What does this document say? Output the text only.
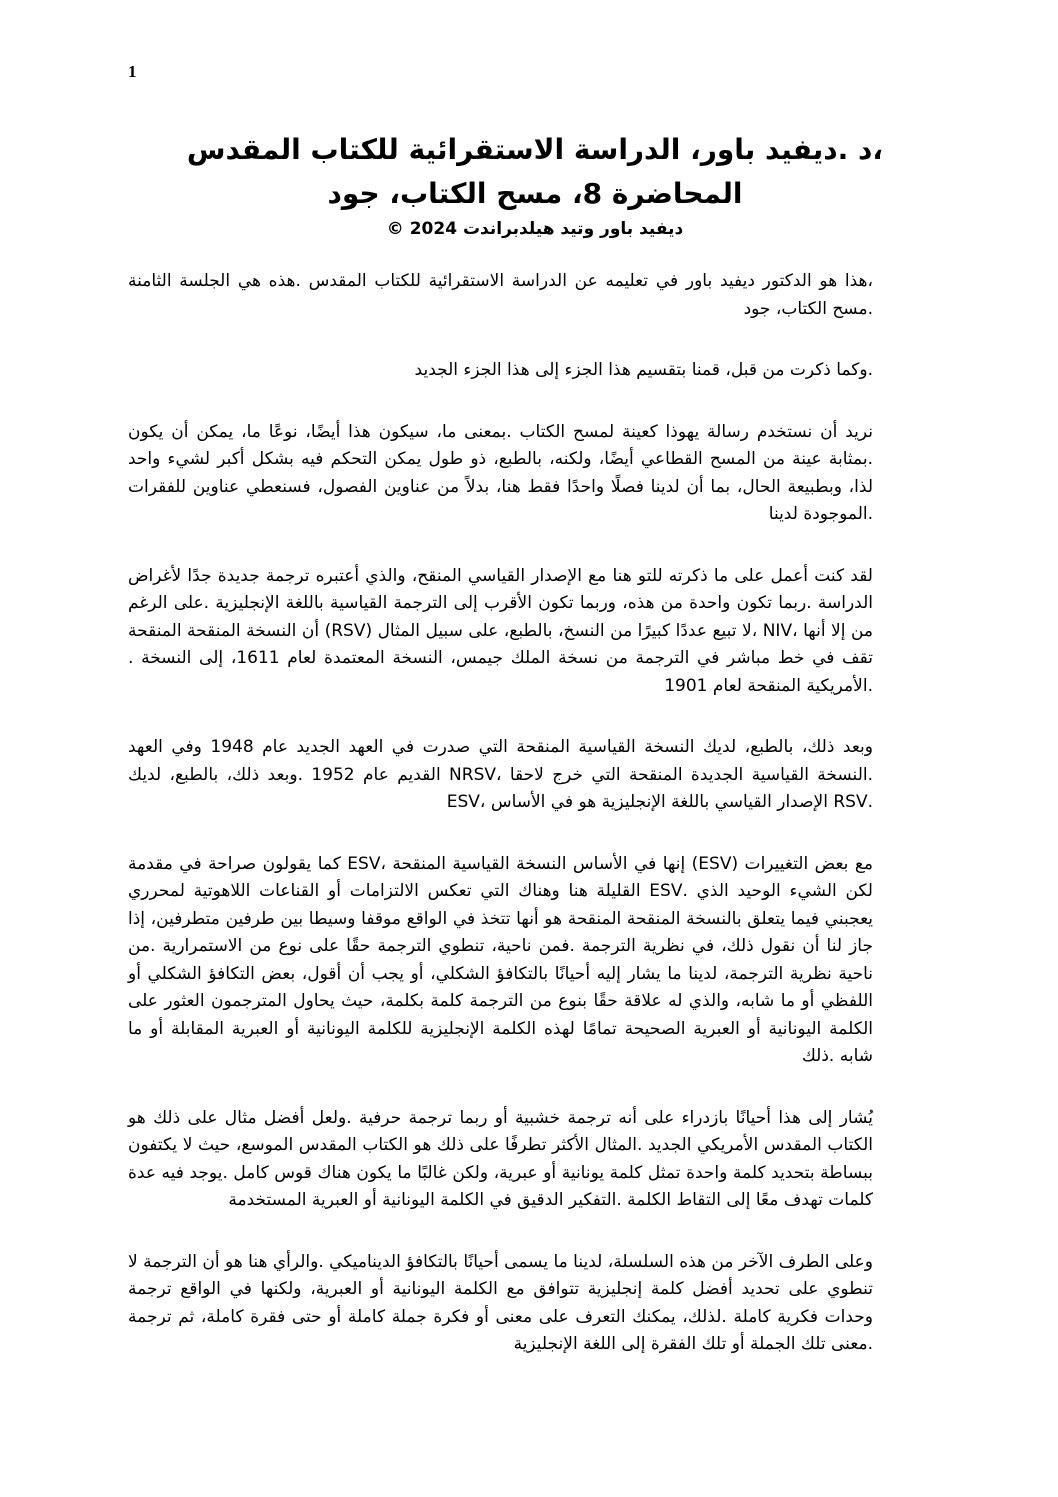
1
،د .ديفيد باور، الدراسة الاستقرائية للكتاب المقدس
المحاضرة 8، مسح الكتاب، جود
ديفيد باور وتيد هيلدبراندت 2024 ©

،هذا هو الدكتور ديفيد باور في تعليمه عن الدراسة الاستقرائية للكتاب المقدس .هذه هي الجلسة الثامنة .مسح الكتاب، جود

.وكما ذكرت من قبل، قمنا بتقسيم هذا الجزء إلى هذا الجزء الجديد

نريد أن نستخدم رسالة يهوذا كعينة لمسح الكتاب .بمعنى ما، سيكون هذا أيضًا، نوعًا ما، يمكن أن يكون .بمثابة عينة من المسح القطاعي أيضًا، ولكنه، بالطبع، ذو طول يمكن التحكم فيه بشكل أكبر لشيء واحد لذا، وبطبيعة الحال، بما أن لدينا فصلًا واحدًا فقط هنا، بدلاً من عناوين الفصول، فسنعطي عناوين للفقرات .الموجودة لدينا

لقد كنت أعمل على ما ذكرته للتو هنا مع الإصدار القياسي المنقح، والذي أعتبره ترجمة جديدة جدًا لأغراض الدراسة .ربما تكون واحدة من هذه، وربما تكون الأقرب إلى الترجمة القياسية باللغة الإنجليزية .على الرغم من إلا أنها ،NIV ،لا تبيع عددًا كبيرًا من النسخ، بالطبع، على سبيل المثال (RSV) أن النسخة المنقحة المنقحة تقف في خط مباشر في الترجمة من نسخة الملك جيمس، النسخة المعتمدة لعام 1611، إلى النسخة . .الأمريكية المنقحة لعام 1901

وبعد ذلك، بالطبع، لديك النسخة القياسية المنقحة التي صدرت في العهد الجديد عام 1948 وفي العهد .النسخة القياسية الجديدة المنقحة التي خرج لاحقا ،NRSV القديم عام 1952 .وبعد ذلك، بالطبع، لديك .RSV الإصدار القياسي باللغة الإنجليزية هو في الأساس ،ESV

مع بعض التغييرات (ESV) إنها في الأساس النسخة القياسية المنقحة ،ESV كما يقولون صراحة في مقدمة لكن الشيء الوحيد الذي .ESV القليلة هنا وهناك التي تعكس الالتزامات أو القناعات اللاهوتية لمحرري يعجبني فيما يتعلق بالنسخة المنقحة المنقحة هو أنها تتخذ في الواقع موقفا وسيطا بين طرفين متطرفين، إذا جاز لنا أن نقول ذلك، في نظرية الترجمة .فمن ناحية، تنطوي الترجمة حقًا على نوع من الاستمرارية .من ناحية نظرية الترجمة، لدينا ما يشار إليه أحيانًا بالتكافؤ الشكلي، أو يجب أن أقول، بعض التكافؤ الشكلي أو اللفظي أو ما شابه، والذي له علاقة حقًا بنوع من الترجمة كلمة بكلمة، حيث يحاول المترجمون العثور على الكلمة اليونانية أو العبرية الصحيحة تمامًا لهذه الكلمة الإنجليزية للكلمة اليونانية أو العبرية المقابلة أو ما شابه .ذلك

يُشار إلى هذا أحيانًا بازدراء على أنه ترجمة خشبية أو ربما ترجمة حرفية .ولعل أفضل مثال على ذلك هو الكتاب المقدس الأمريكي الجديد .المثال الأكثر تطرفًا على ذلك هو الكتاب المقدس الموسع، حيث لا يكتفون ببساطة بتحديد كلمة واحدة تمثل كلمة يونانية أو عبرية، ولكن غالبًا ما يكون هناك قوس كامل .يوجد فيه عدة كلمات تهدف معًا إلى التقاط الكلمة .التفكير الدقيق في الكلمة اليونانية أو العبرية المستخدمة

وعلى الطرف الآخر من هذه السلسلة، لدينا ما يسمى أحيانًا بالتكافؤ الديناميكي .والرأي هنا هو أن الترجمة لا تنطوي على تحديد أفضل كلمة إنجليزية تتوافق مع الكلمة اليونانية أو العبرية، ولكنها في الواقع ترجمة وحدات فكرية كاملة .لذلك، يمكنك التعرف على معنى أو فكرة جملة كاملة أو حتى فقرة كاملة، ثم ترجمة .معنى تلك الجملة أو تلك الفقرة إلى اللغة الإنجليزية
